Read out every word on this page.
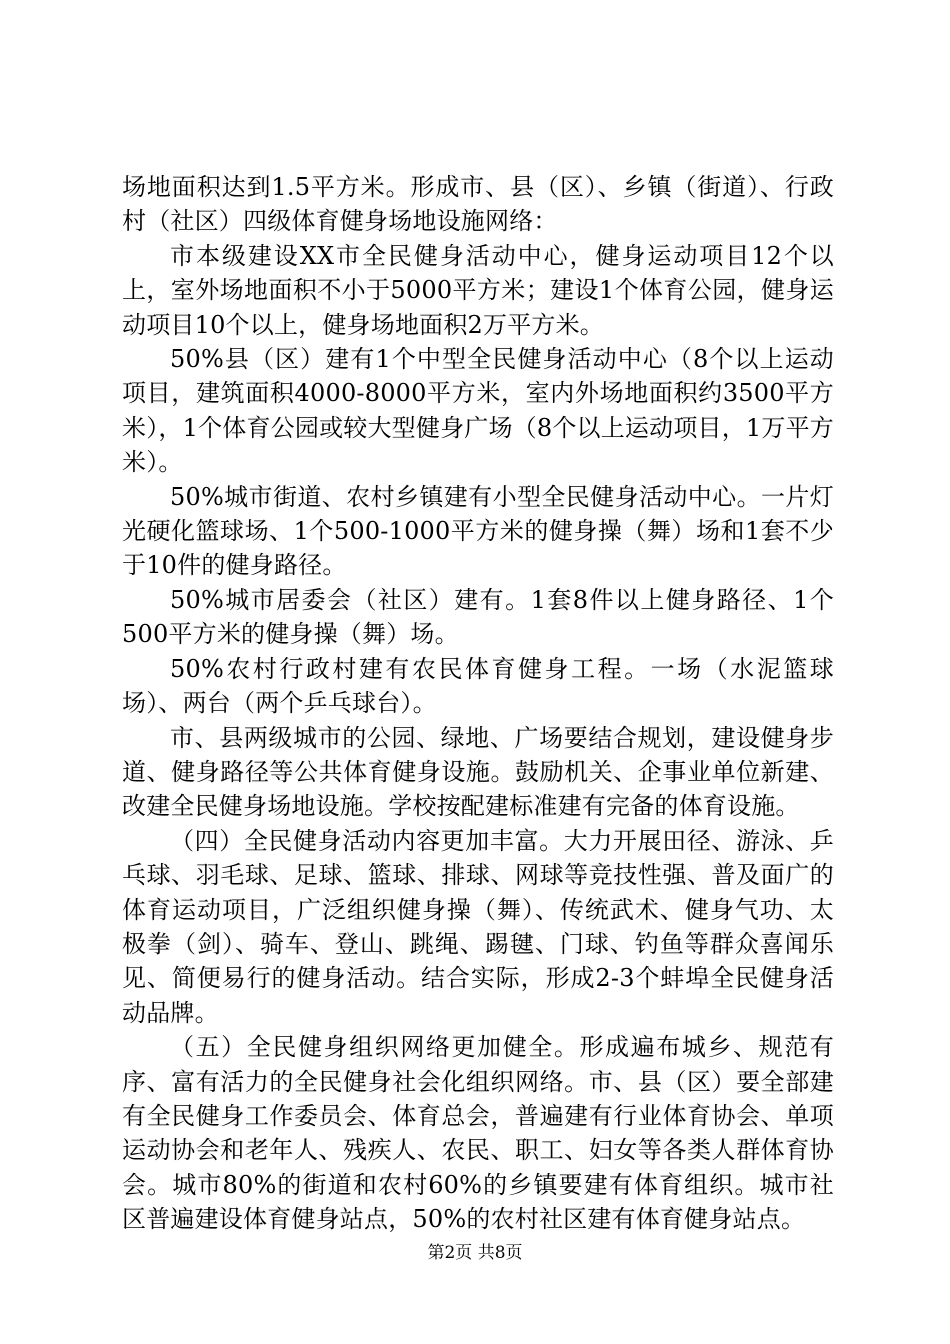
场地面积达到1.5平方米。形成市、县（区）、乡镇（街道）、行政村（社区）四级体育健身场地设施网络：

市本级建设XX市全民健身活动中心，健身运动项目12个以上，室外场地面积不小于5000平方米；建设1个体育公园，健身运动项目10个以上，健身场地面积2万平方米。

50%县（区）建有1个中型全民健身活动中心（8个以上运动项目，建筑面积4000-8000平方米，室内外场地面积约3500平方米），1个体育公园或较大型健身广场（8个以上运动项目，1万平方米）。

50%城市街道、农村乡镇建有小型全民健身活动中心。一片灯光硬化篮球场、1个500-1000平方米的健身操（舞）场和1套不少于10件的健身路径。

50%城市居委会（社区）建有。1套8件以上健身路径、1个500平方米的健身操（舞）场。

50%农村行政村建有农民体育健身工程。一场（水泥篮球场）、两台（两个乒乓球台）。

市、县两级城市的公园、绿地、广场要结合规划，建设健身步道、健身路径等公共体育健身设施。鼓励机关、企事业单位新建、改建全民健身场地设施。学校按配建标准建有完备的体育设施。

（四）全民健身活动内容更加丰富。大力开展田径、游泳、乒乓球、羽毛球、足球、篮球、排球、网球等竞技性强、普及面广的体育运动项目，广泛组织健身操（舞）、传统武术、健身气功、太极拳（剑）、骑车、登山、跳绳、踢毽、门球、钓鱼等群众喜闻乐见、简便易行的健身活动。结合实际，形成2-3个蚌埠全民健身活动品牌。

（五）全民健身组织网络更加健全。形成遍布城乡、规范有序、富有活力的全民健身社会化组织网络。市、县（区）要全部建有全民健身工作委员会、体育总会，普遍建有行业体育协会、单项运动协会和老年人、残疾人、农民、职工、妇女等各类人群体育协会。城市80%的街道和农村60%的乡镇要建有体育组织。城市社区普遍建设体育健身站点，50%的农村社区建有体育健身站点。

第2页 共8页
